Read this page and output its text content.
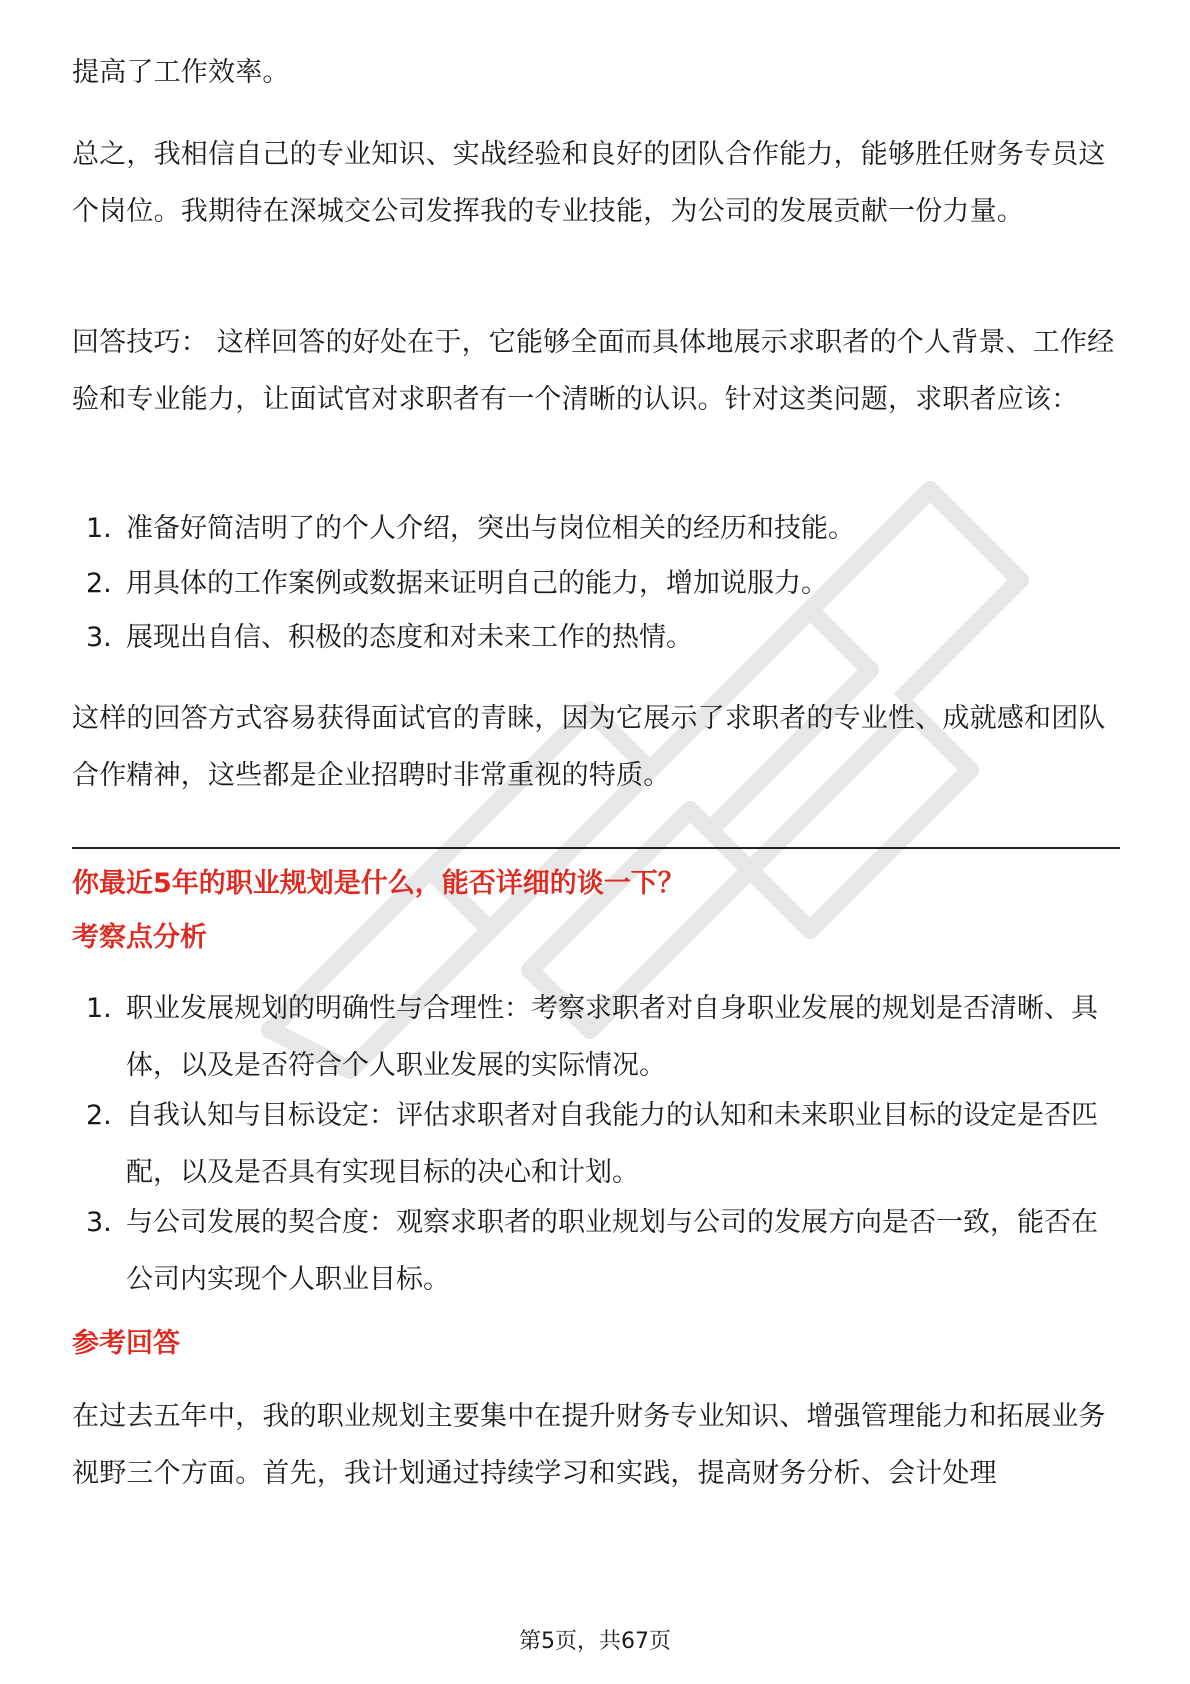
提高了工作效率。
总之，我相信自己的专业知识、实战经验和良好的团队合作能力，能够胜任财务专员这个岗位。我期待在深城交公司发挥我的专业技能，为公司的发展贡献一份力量。
回答技巧： 这样回答的好处在于，它能够全面而具体地展示求职者的个人背景、工作经验和专业能力，让面试官对求职者有一个清晰的认识。针对这类问题，求职者应该：
1. 准备好简洁明了的个人介绍，突出与岗位相关的经历和技能。
2. 用具体的工作案例或数据来证明自己的能力，增加说服力。
3. 展现出自信、积极的态度和对未来工作的热情。
这样的回答方式容易获得面试官的青睐，因为它展示了求职者的专业性、成就感和团队合作精神，这些都是企业招聘时非常重视的特质。
你最近5年的职业规划是什么，能否详细的谈一下？
考察点分析
1. 职业发展规划的明确性与合理性：考察求职者对自身职业发展的规划是否清晰、具体，以及是否符合个人职业发展的实际情况。
2. 自我认知与目标设定：评估求职者对自我能力的认知和未来职业目标的设定是否匹配，以及是否具有实现目标的决心和计划。
3. 与公司发展的契合度：观察求职者的职业规划与公司的发展方向是否一致，能否在公司内实现个人职业目标。
参考回答
在过去五年中，我的职业规划主要集中在提升财务专业知识、增强管理能力和拓展业务视野三个方面。首先，我计划通过持续学习和实践，提高财务分析、会计处理
第5页，共67页
